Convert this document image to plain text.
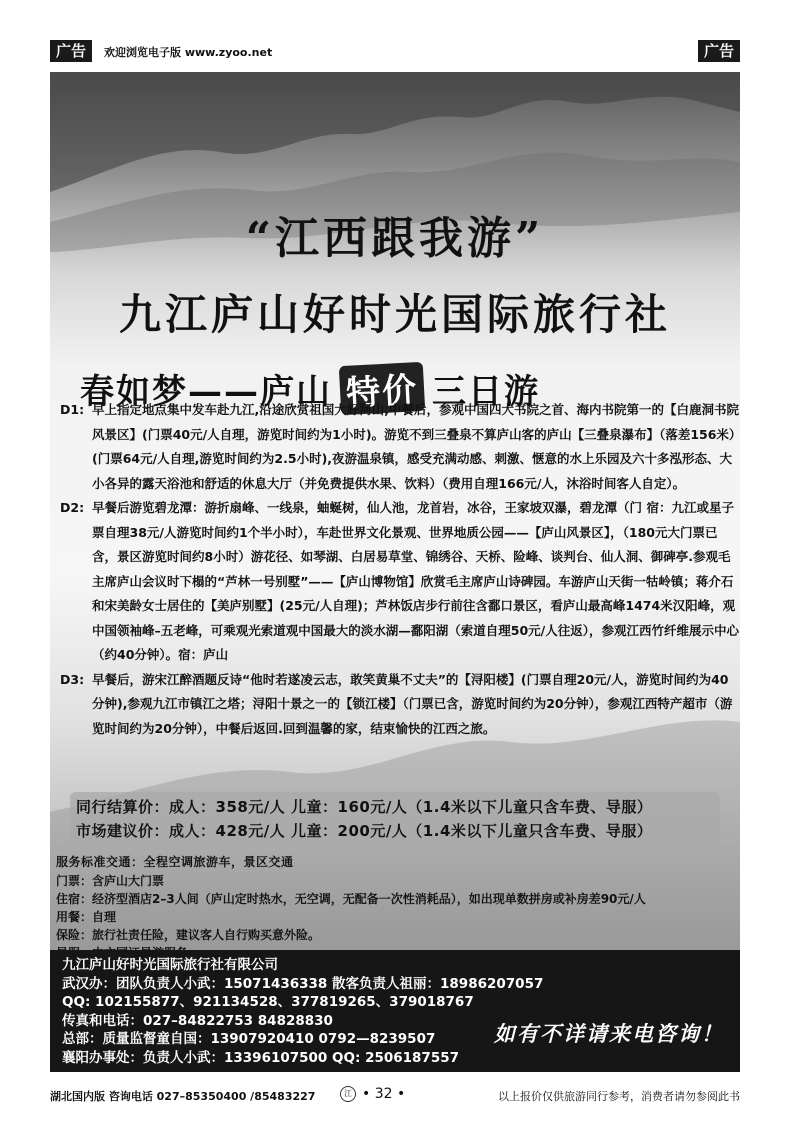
广告	欢迎浏览电子版 www.zyoo.net	广告
“江西跟我游”
九江庐山好时光国际旅行社
春如梦——庐山 特价 三日游
D1: 早上指定地点集中发车赴九江,沿途欣赏祖国大好河山,中餐后，参观中国四大书院之首、海内书院第一的【白鹿洞书院风景区】(门票40元/人自理，游览时间约为1小时)。游览不到三叠泉不算庐山客的庐山【三叠泉瀑布】（落差156米）(门票64元/人自理,游览时间约为2.5小时),夜游温泉镇，感受充满动感、刺激、惬意的水上乐园及六十多泓形态、大小各异的露天浴池和舒适的休息大厅（并免费提供水果、饮料）（费用自理166元/人，沐浴时间客人自定）。
宿：九江或星子
D2: 早餐后游览碧龙潭：游折扇峰、一线泉，蚰蜒树，仙人池，龙首岩，冰谷，王家坡双瀑，碧龙潭（门票自理38元/人游览时间约1个半小时），车赴世界文化景观、世界地质公园——【庐山风景区】，（180元大门票已含，景区游览时间约8小时）游花径、如琴湖、白居易草堂、锦绣谷、天桥、险峰、谈判台、仙人洞、御碑亭.参观毛主席庐山会议时下榻的“芦林一号别墅”——【庐山博物馆】欣赏毛主席庐山诗碑园。车游庐山天街一牯岭镇；蒋介石和宋美龄女士居住的【美庐别墅】(25元/人自理)；芦林饭店步行前往含鄱口景区，看庐山最高峰1474米汉阳峰，观中国领袖峰–五老峰，可乘观光索道观中国最大的淡水湖—鄱阳湖（索道自理50元/人往返），参观江西竹纤维展示中心（约40分钟）。宿：庐山
D3: 早餐后，游宋江醉酒题反诗“他时若遂凌云志，敢笑黄巢不丈夫”的【浔阳楼】(门票自理20元/人，游览时间约为40分钟),参观九江市镇江之塔；浔阳十景之一的【锁江楼】（门票已含，游览时间约为20分钟），参观江西特产超市（游览时间约为20分钟），中餐后返回.回到温馨的家，结束愉快的江西之旅。
同行结算价：成人：358元/人 儿童：160元/人（1.4米以下儿童只含车费、导服）
市场建议价：成人：428元/人 儿童：200元/人（1.4米以下儿童只含车费、导服）
服务标准交通：全程空调旅游车，景区交通
门票：含庐山大门票
住宿：经济型酒店2–3人间（庐山定时热水，无空调，无配备一次性消耗品），如出现单数拼房或补房差90元/人
用餐：自理
保险：旅行社责任险，建议客人自行购买意外险。
九江庐山好时光国际旅行社有限公司
武汉办：团队负责人小武：15071436338 散客负责人祖丽：18986207057
QQ: 102155877、921134528、377819265、379018767
传真和电话：027–84822753 84828830
总部：质量监督童自国：13907920410 0792—8239507
襄阳办事处：负责人小武：13396107500 QQ: 2506187557
如有不详请来电咨询！
湖北国内版 咨询电话 027–85350400 /85483227	江 • 32 •	以上报价仅供旅游同行参考，消费者请勿参阅此书
